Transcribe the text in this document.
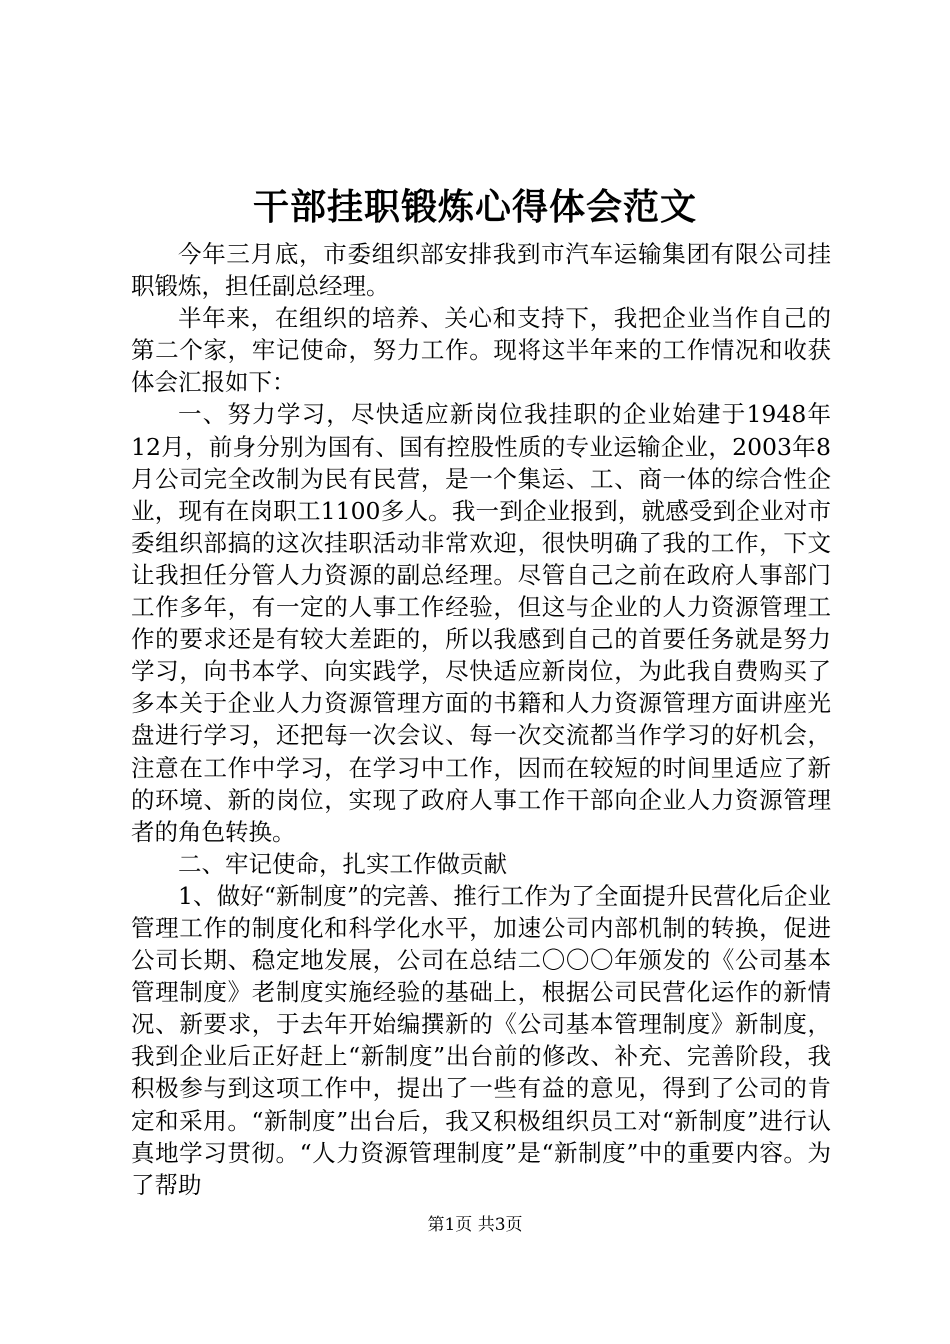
干部挂职锻炼心得体会范文

今年三月底，市委组织部安排我到市汽车运输集团有限公司挂职锻炼，担任副总经理。

半年来，在组织的培养、关心和支持下，我把企业当作自己的第二个家，牢记使命，努力工作。现将这半年来的工作情况和收获体会汇报如下：

一、努力学习，尽快适应新岗位我挂职的企业始建于1948年12月，前身分别为国有、国有控股性质的专业运输企业，2003年8月公司完全改制为民有民营，是一个集运、工、商一体的综合性企业，现有在岗职工1100多人。我一到企业报到，就感受到企业对市委组织部搞的这次挂职活动非常欢迎，很快明确了我的工作，下文让我担任分管人力资源的副总经理。尽管自己之前在政府人事部门工作多年，有一定的人事工作经验，但这与企业的人力资源管理工作的要求还是有较大差距的，所以我感到自己的首要任务就是努力学习，向书本学、向实践学，尽快适应新岗位，为此我自费购买了多本关于企业人力资源管理方面的书籍和人力资源管理方面讲座光盘进行学习，还把每一次会议、每一次交流都当作学习的好机会，注意在工作中学习，在学习中工作，因而在较短的时间里适应了新的环境、新的岗位，实现了政府人事工作干部向企业人力资源管理者的角色转换。

二、牢记使命，扎实工作做贡献

1、做好“新制度”的完善、推行工作为了全面提升民营化后企业管理工作的制度化和科学化水平，加速公司内部机制的转换，促进公司长期、稳定地发展，公司在总结二〇〇〇年颁发的《公司基本管理制度》老制度实施经验的基础上，根据公司民营化运作的新情况、新要求，于去年开始编撰新的《公司基本管理制度》新制度，我到企业后正好赶上“新制度”出台前的修改、补充、完善阶段，我积极参与到这项工作中，提出了一些有益的意见，得到了公司的肯定和采用。“新制度”出台后，我又积极组织员工对“新制度”进行认真地学习贯彻。“人力资源管理制度”是“新制度”中的重要内容。为了帮助

第1页 共3页
